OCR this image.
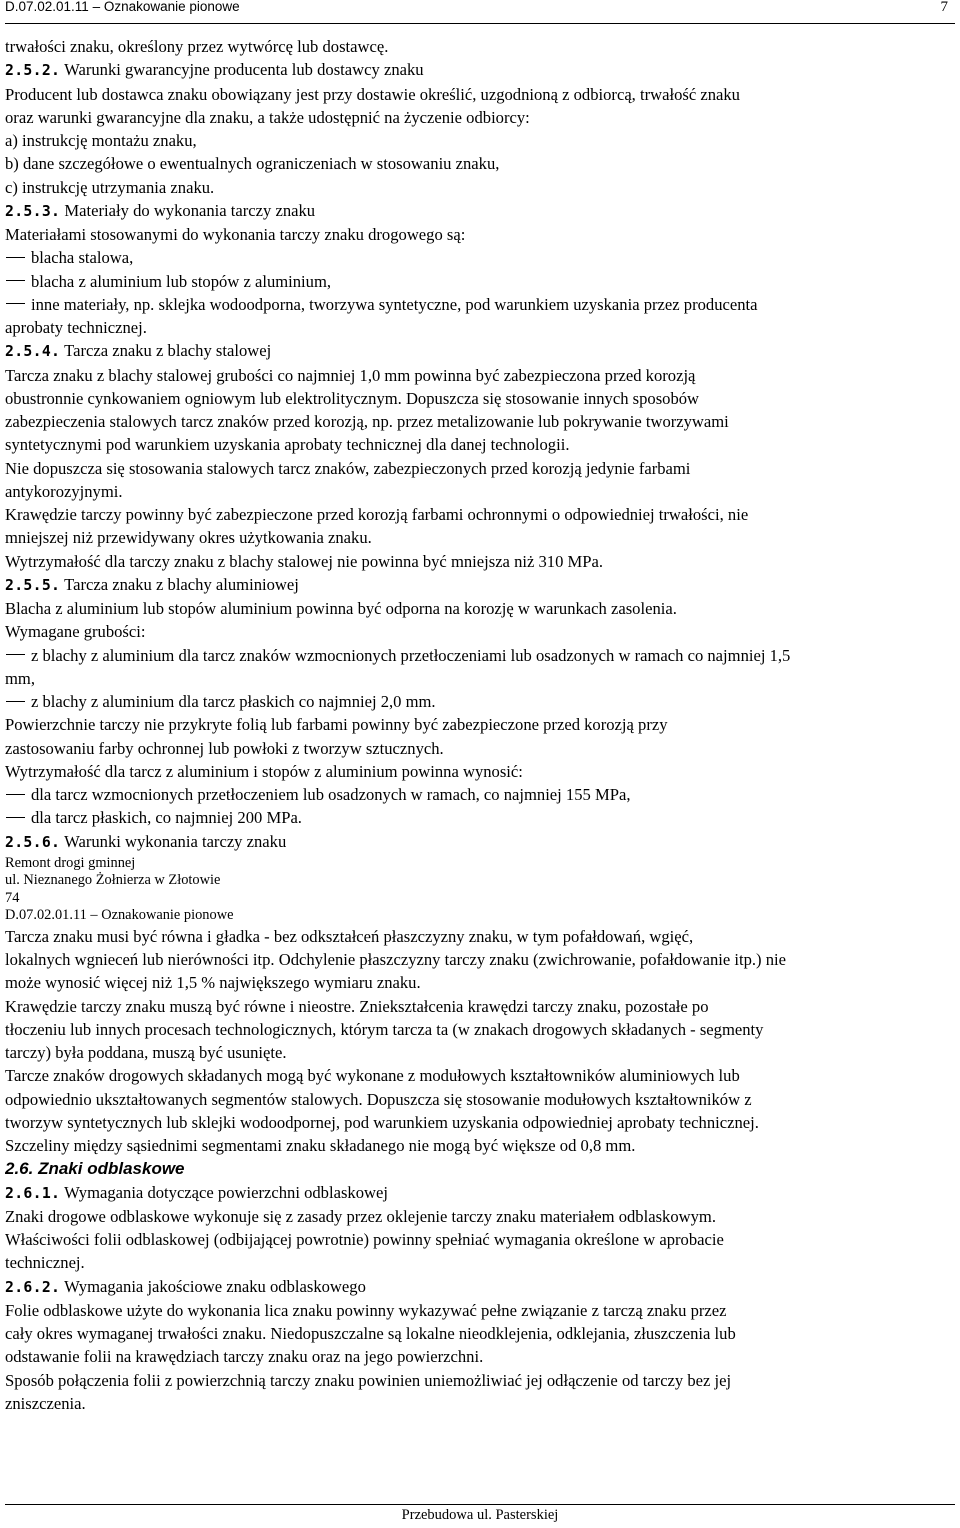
D.07.02.01.11 – Oznakowanie pionowe	7
trwałości znaku, określony przez wytwórcę lub dostawcę.
2.5.2. Warunki gwarancyjne producenta lub dostawcy znaku
Producent lub dostawca znaku obowiązany jest przy dostawie określić, uzgodnioną z odbiorcą, trwałość znaku
oraz warunki gwarancyjne dla znaku, a także udostępnić na życzenie odbiorcy:
a) instrukcję montażu znaku,
b) dane szczegółowe o ewentualnych ograniczeniach w stosowaniu znaku,
c) instrukcję utrzymania znaku.
2.5.3. Materiały do wykonania tarczy znaku
Materiałami stosowanymi do wykonania tarczy znaku drogowego są:
blacha stalowa,
blacha z aluminium lub stopów z aluminium,
inne materiały, np. sklejka wodoodporna, tworzywa syntetyczne, pod warunkiem uzyskania przez producenta
aprobaty technicznej.
2.5.4. Tarcza znaku z blachy stalowej
Tarcza znaku z blachy stalowej grubości co najmniej 1,0 mm powinna być zabezpieczona przed korozją
obustronnie cynkowaniem ogniowym lub elektrolitycznym. Dopuszcza się stosowanie innych sposobów
zabezpieczenia stalowych tarcz znaków przed korozją, np. przez metalizowanie lub pokrywanie tworzywami
syntetycznymi pod warunkiem uzyskania aprobaty technicznej dla danej technologii.
Nie dopuszcza się stosowania stalowych tarcz znaków, zabezpieczonych przed korozją jedynie farbami
antykorozyjnymi.
Krawędzie tarczy powinny być zabezpieczone przed korozją farbami ochronnymi o odpowiedniej trwałości, nie
mniejszej niż przewidywany okres użytkowania znaku.
Wytrzymałość dla tarczy znaku z blachy stalowej nie powinna być mniejsza niż 310 MPa.
2.5.5. Tarcza znaku z blachy aluminiowej
Blacha z aluminium lub stopów aluminium powinna być odporna na korozję w warunkach zasolenia.
Wymagane grubości:
z blachy z aluminium dla tarcz znaków wzmocnionych przetłoczeniami lub osadzonych w ramach co najmniej 1,5
mm,
z blachy z aluminium dla tarcz płaskich co najmniej 2,0 mm.
Powierzchnie tarczy nie przykryte folią lub farbami powinny być zabezpieczone przed korozją przy
zastosowaniu farby ochronnej lub powłoki z tworzyw sztucznych.
Wytrzymałość dla tarcz z aluminium i stopów z aluminium powinna wynosić:
dla tarcz wzmocnionych przetłoczeniem lub osadzonych w ramach, co najmniej 155 MPa,
dla tarcz płaskich, co najmniej 200 MPa.
2.5.6. Warunki wykonania tarczy znaku
Remont drogi gminnej
ul. Nieznanego Żołnierza w Złotowie
74
D.07.02.01.11 – Oznakowanie pionowe
Tarcza znaku musi być równa i gładka - bez odkształceń płaszczyzny znaku, w tym pofałdowań, wgięć,
lokalnych wgnieceń lub nierówności itp. Odchylenie płaszczyzny tarczy znaku (zwichrowanie, pofałdowanie itp.) nie
może wynosić więcej niż 1,5 % największego wymiaru znaku.
Krawędzie tarczy znaku muszą być równe i nieostre. Zniekształcenia krawędzi tarczy znaku, pozostałe po
tłoczeniu lub innych procesach technologicznych, którym tarcza ta (w znakach drogowych składanych - segmenty
tarczy) była poddana, muszą być usunięte.
Tarcze znaków drogowych składanych mogą być wykonane z modułowych kształtowników aluminiowych lub
odpowiednio ukształtowanych segmentów stalowych. Dopuszcza się stosowanie modułowych kształtowników z
tworzyw syntetycznych lub sklejki wodoodpornej, pod warunkiem uzyskania odpowiedniej aprobaty technicznej.
Szczeliny między sąsiednimi segmentami znaku składanego nie mogą być większe od 0,8 mm.
2.6. Znaki odblaskowe
2.6.1. Wymagania dotyczące powierzchni odblaskowej
Znaki drogowe odblaskowe wykonuje się z zasady przez oklejenie tarczy znaku materiałem odblaskowym.
Właściwości folii odblaskowej (odbijającej powrotnie) powinny spełniać wymagania określone w aprobacie
technicznej.
2.6.2. Wymagania jakościowe znaku odblaskowego
Folie odblaskowe użyte do wykonania lica znaku powinny wykazywać pełne związanie z tarczą znaku przez
cały okres wymaganej trwałości znaku. Niedopuszczalne są lokalne nieodklejenia, odklejania, złuszczenia lub
odstawanie folii na krawędziach tarczy znaku oraz na jego powierzchni.
Sposób połączenia folii z powierzchnią tarczy znaku powinien uniemożliwiać jej odłączenie od tarczy bez jej
zniszczenia.
Przebudowa ul. Pasterskiej
